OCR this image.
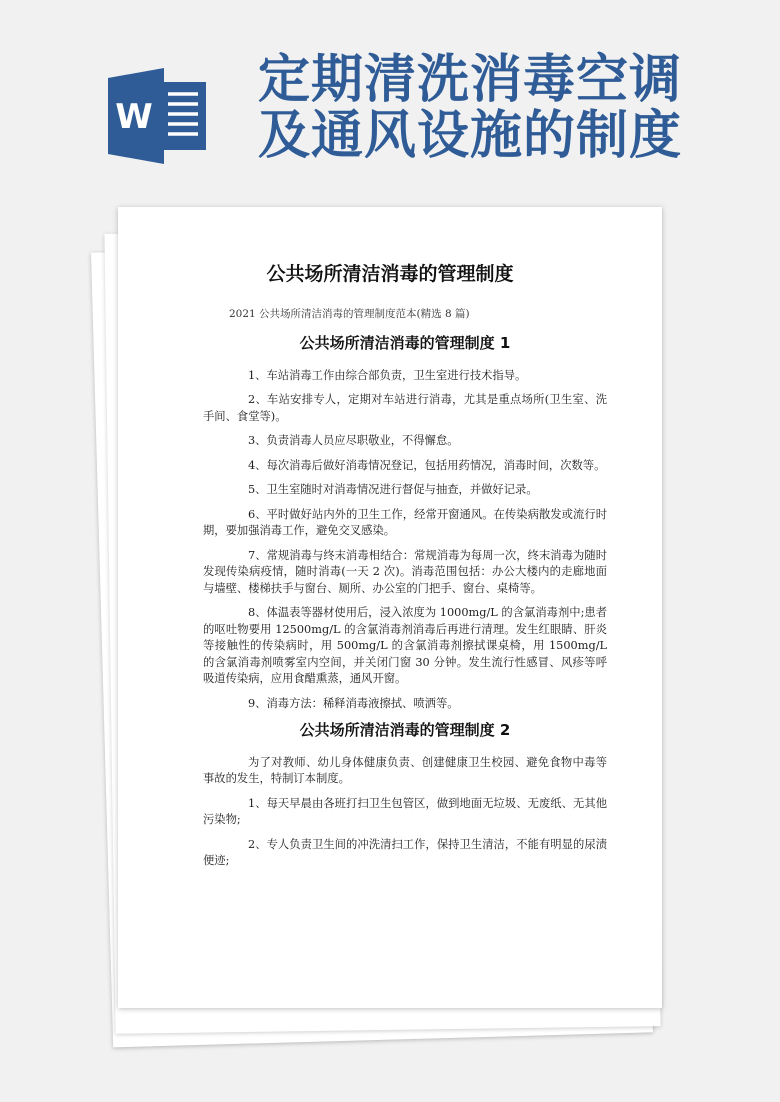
W
定期清洗消毒空调
及通风设施的制度
公共场所清洁消毒的管理制度
2021 公共场所清洁消毒的管理制度范本(精选 8 篇)
公共场所清洁消毒的管理制度 1
1、车站消毒工作由综合部负责，卫生室进行技术指导。
2、车站安排专人，定期对车站进行消毒，尤其是重点场所(卫生室、洗手间、食堂等)。
3、负责消毒人员应尽职敬业，不得懈怠。
4、每次消毒后做好消毒情况登记，包括用药情况，消毒时间，次数等。
5、卫生室随时对消毒情况进行督促与抽查，并做好记录。
6、平时做好站内外的卫生工作，经常开窗通风。在传染病散发或流行时期，要加强消毒工作，避免交叉感染。
7、常规消毒与终末消毒相结合：常规消毒为每周一次，终末消毒为随时发现传染病疫情，随时消毒(一天 2 次)。消毒范围包括：办公大楼内的走廊地面与墙壁、楼梯扶手与窗台、厕所、办公室的门把手、窗台、桌椅等。
8、体温表等器材使用后，浸入浓度为 1000mg/L 的含氯消毒剂中;患者的呕吐物要用 12500mg/L 的含氯消毒剂消毒后再进行清理。发生红眼睛、肝炎等接触性的传染病时，用 500mg/L 的含氯消毒剂擦拭课桌椅，用 1500mg/L 的含氯消毒剂喷雾室内空间，并关闭门窗 30 分钟。发生流行性感冒、风疹等呼吸道传染病，应用食醋熏蒸，通风开窗。
9、消毒方法：稀释消毒液擦拭、喷洒等。
公共场所清洁消毒的管理制度 2
为了对教师、幼儿身体健康负责、创建健康卫生校园、避免食物中毒等事故的发生，特制订本制度。
1、每天早晨由各班打扫卫生包管区，做到地面无垃圾、无废纸、无其他污染物;
2、专人负责卫生间的冲洗清扫工作，保持卫生清洁，不能有明显的尿渍便迹;
